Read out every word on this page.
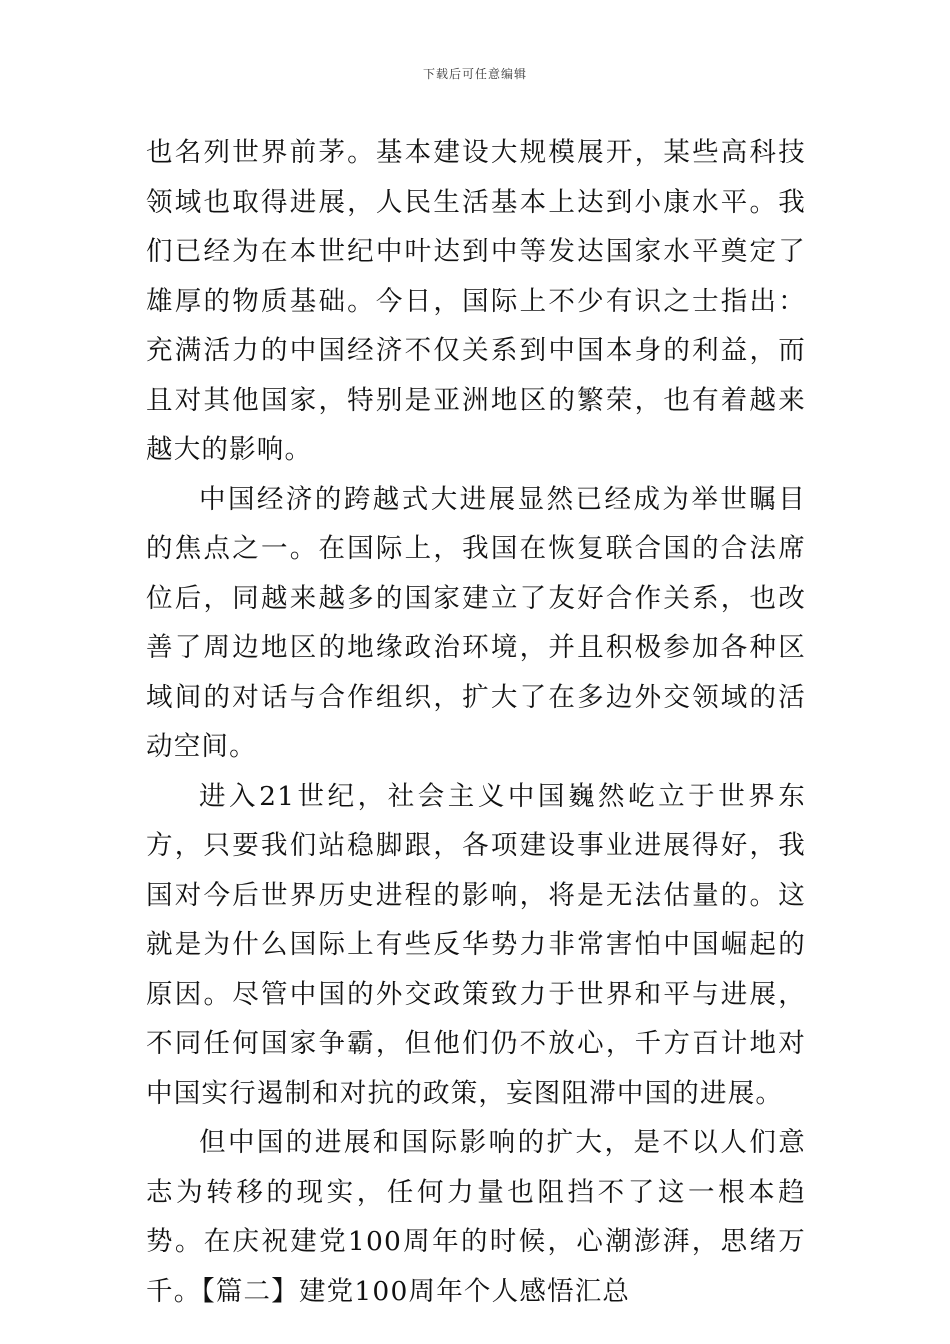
下载后可任意编辑

也名列世界前茅。基本建设大规模展开，某些高科技领域也取得进展，人民生活基本上达到小康水平。我们已经为在本世纪中叶达到中等发达国家水平奠定了雄厚的物质基础。今日，国际上不少有识之士指出：充满活力的中国经济不仅关系到中国本身的利益，而且对其他国家，特别是亚洲地区的繁荣，也有着越来越大的影响。

中国经济的跨越式大进展显然已经成为举世瞩目的焦点之一。在国际上，我国在恢复联合国的合法席位后，同越来越多的国家建立了友好合作关系，也改善了周边地区的地缘政治环境，并且积极参加各种区域间的对话与合作组织，扩大了在多边外交领域的活动空间。

进入21世纪，社会主义中国巍然屹立于世界东方，只要我们站稳脚跟，各项建设事业进展得好，我国对今后世界历史进程的影响，将是无法估量的。这就是为什么国际上有些反华势力非常害怕中国崛起的原因。尽管中国的外交政策致力于世界和平与进展，不同任何国家争霸，但他们仍不放心，千方百计地对中国实行遏制和对抗的政策，妄图阻滞中国的进展。

但中国的进展和国际影响的扩大，是不以人们意志为转移的现实，任何力量也阻挡不了这一根本趋势。在庆祝建党100周年的时候，心潮澎湃，思绪万千。【篇二】建党100周年个人感悟汇总
